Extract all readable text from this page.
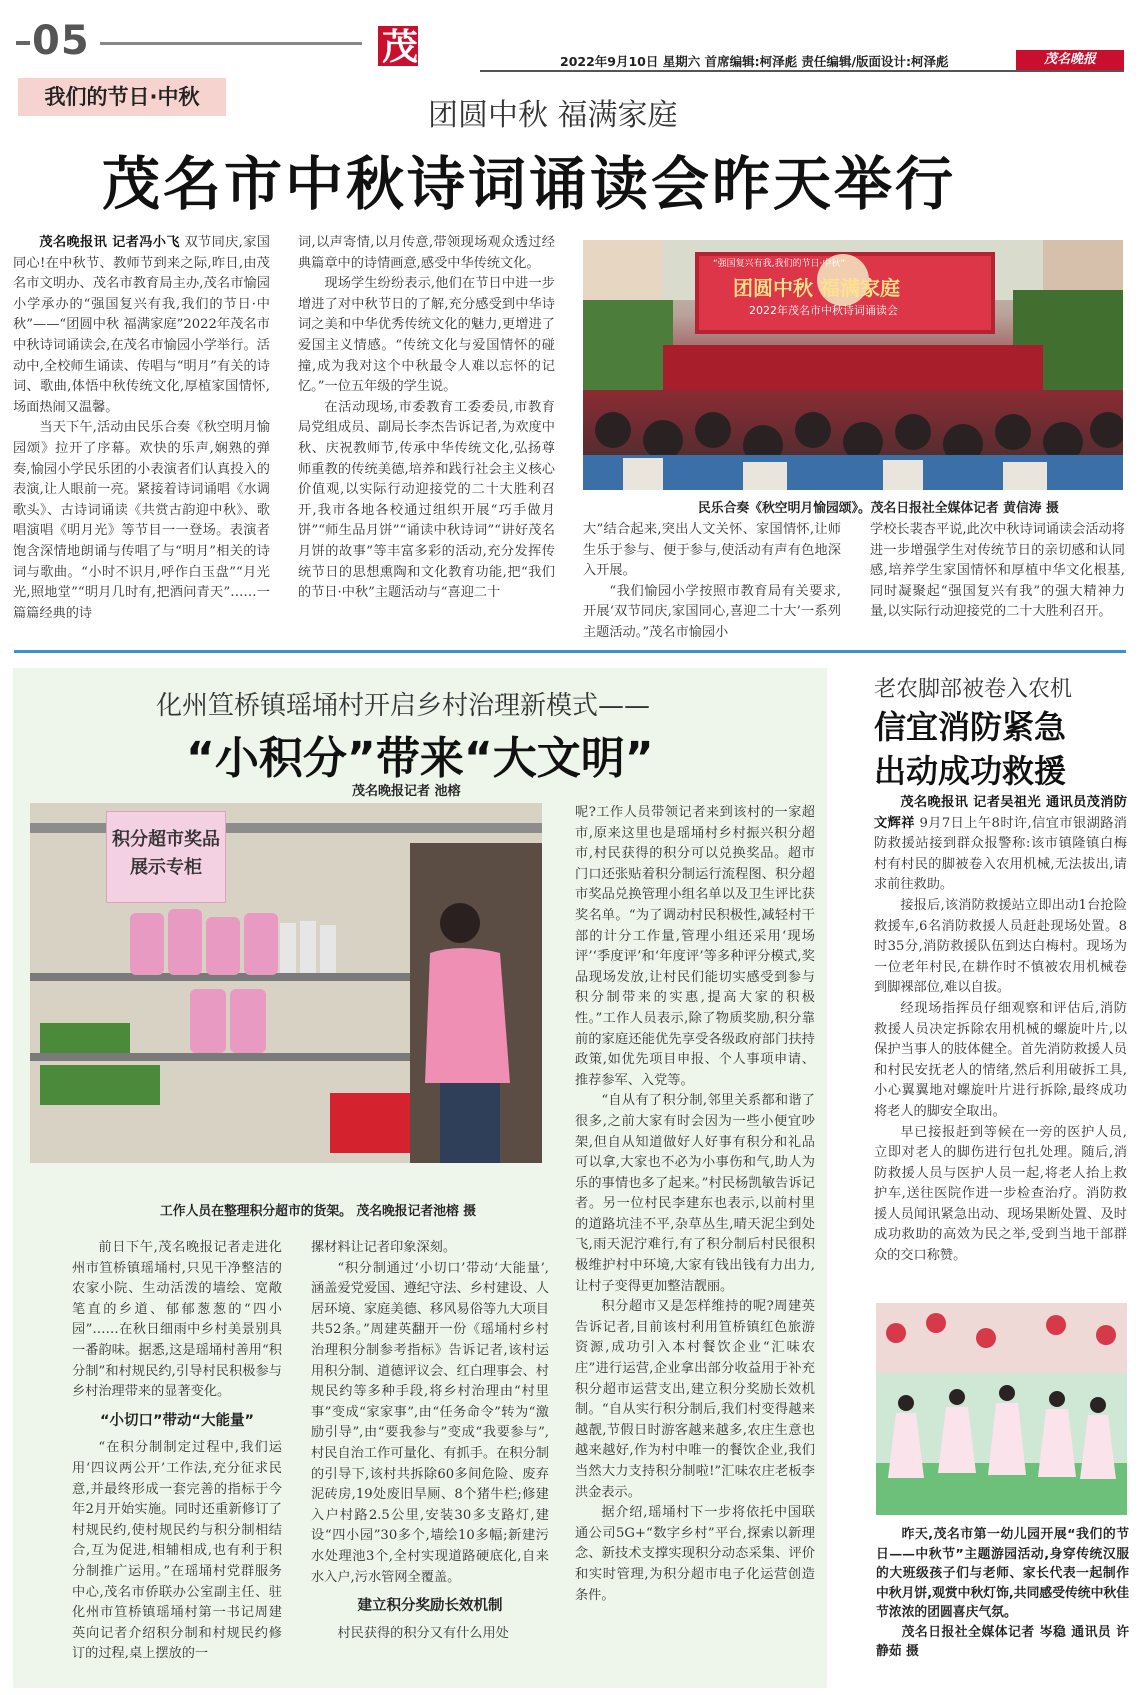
05	茂闻	2022年9月10日 星期六 首席编辑:柯泽彪 责任编辑/版面设计:柯泽彪	茂名晚报
我们的节日·中秋
团圆中秋 福满家庭
茂名市中秋诗词诵读会昨天举行

茂名晚报讯 记者冯小飞 双节同庆,家国同心!在中秋节、教师节到来之际,昨日,由茂名市文明办、茂名市教育局主办,茂名市愉园小学承办的“强国复兴有我,我们的节日·中秋”——“团圆中秋 福满家庭”2022年茂名市中秋诗词诵读会,在茂名市愉园小学举行。活动中,全校师生诵读、传唱与“明月”有关的诗词、歌曲,体悟中秋传统文化,厚植家国情怀,场面热闹又温馨。

当天下午,活动由民乐合奏《秋空明月愉园颂》拉开了序幕。欢快的乐声,娴熟的弹奏,愉园小学民乐团的小表演者们认真投入的表演,让人眼前一亮。紧接着诗词诵唱《水调歌头》、古诗词诵读《共赏古韵迎中秋》、歌唱演唱《明月光》等节目一一登场。表演者饱含深情地朗诵与传唱了与“明月”相关的诗词与歌曲。“小时不识月,呼作白玉盘”“月光光,照地堂”“明月几时有,把酒问青天”……一篇篇经典的诗

词,以声寄情,以月传意,带领现场观众透过经典篇章中的诗情画意,感受中华传统文化。

现场学生纷纷表示,他们在节日中进一步增进了对中秋节日的了解,充分感受到中华诗词之美和中华优秀传统文化的魅力,更增进了爱国主义情感。“传统文化与爱国情怀的碰撞,成为我对这个中秋最令人难以忘怀的记忆。”一位五年级的学生说。

在活动现场,市委教育工委委员,市教育局党组成员、副局长李杰告诉记者,为欢度中秋、庆祝教师节,传承中华传统文化,弘扬尊师重教的传统美德,培养和践行社会主义核心价值观,以实际行动迎接党的二十大胜利召开,我市各地各校通过组织开展“巧手做月饼”“师生品月饼”“诵读中秋诗词”“讲好茂名月饼的故事”等丰富多彩的活动,充分发挥传统节日的思想熏陶和文化教育功能,把“我们的节日·中秋”主题活动与“喜迎二十

“强国复兴有我,我们的节日·中秋”
团圆中秋 福满家庭
2022年茂名市中秋诗词诵读会
民乐合奏《秋空明月愉园颂》。茂名日报社全媒体记者 黄信涛 摄

大”结合起来,突出人文关怀、家国情怀,让师生乐于参与、便于参与,使活动有声有色地深入开展。

“我们愉园小学按照市教育局有关要求,开展‘双节同庆,家国同心,喜迎二十大’一系列主题活动。”茂名市愉园小

学校长裴杏平说,此次中秋诗词诵读会活动将进一步增强学生对传统节日的亲切感和认同感,培养学生家国情怀和厚植中华文化根基,同时凝聚起“强国复兴有我”的强大精神力量,以实际行动迎接党的二十大胜利召开。

化州笪桥镇瑶埇村开启乡村治理新模式——
“小积分”带来“大文明”
茂名晚报记者 池榕
积分超市奖品
展示专柜
工作人员在整理积分超市的货架。 茂名晚报记者池榕 摄

前日下午,茂名晚报记者走进化州市笪桥镇瑶埇村,只见干净整洁的农家小院、生动活泼的墙绘、宽敞笔直的乡道、郁郁葱葱的“四小园”……在秋日细雨中乡村美景别具一番韵味。据悉,这是瑶埇村善用“积分制”和村规民约,引导村民积极参与乡村治理带来的显著变化。

“小切口”带动“大能量”

“在积分制制定过程中,我们运用‘四议两公开’工作法,充分征求民意,并最终形成一套完善的指标于今年2月开始实施。同时还重新修订了村规民约,使村规民约与积分制相结合,互为促进,相辅相成,也有利于积分制推广运用。”在瑶埇村党群服务中心,茂名市侨联办公室副主任、驻化州市笪桥镇瑶埇村第一书记周建英向记者介绍积分制和村规民约修订的过程,桌上摆放的一

摞材料让记者印象深刻。

“积分制通过‘小切口’带动‘大能量’,涵盖爱党爱国、遵纪守法、乡村建设、人居环境、家庭美德、移风易俗等九大项目共52条。”周建英翻开一份《瑶埇村乡村治理积分制参考指标》告诉记者,该村运用积分制、道德评议会、红白理事会、村规民约等多种手段,将乡村治理由“村里事”变成“家家事”,由“任务命令”转为“激励引导”,由“要我参与”变成“我要参与”,村民自治工作可量化、有抓手。在积分制的引导下,该村共拆除60多间危险、废弃泥砖房,19处废旧旱厕、8个猪牛栏;修建入户村路2.5公里,安装30多支路灯,建设“四小园”30多个,墙绘10多幅;新建污水处理池3个,全村实现道路硬底化,自来水入户,污水管网全覆盖。

建立积分奖励长效机制

村民获得的积分又有什么用处

呢?工作人员带领记者来到该村的一家超市,原来这里也是瑶埇村乡村振兴积分超市,村民获得的积分可以兑换奖品。超市门口还张贴着积分制运行流程图、积分超市奖品兑换管理小组名单以及卫生评比获奖名单。“为了调动村民积极性,减轻村干部的计分工作量,管理小组还采用‘现场评’‘季度评’和‘年度评’等多种评分模式,奖品现场发放,让村民们能切实感受到参与积分制带来的实惠,提高大家的积极性。”工作人员表示,除了物质奖励,积分靠前的家庭还能优先享受各级政府部门扶持政策,如优先项目申报、个人事项申请、推荐参军、入党等。

“自从有了积分制,邻里关系都和谐了很多,之前大家有时会因为一些小便宜吵架,但自从知道做好人好事有积分和礼品可以拿,大家也不必为小事伤和气,助人为乐的事情也多了起来。”村民杨凯敏告诉记者。另一位村民李建东也表示,以前村里的道路坑洼不平,杂草丛生,晴天泥尘到处飞,雨天泥泞难行,有了积分制后村民很积极维护村中环境,大家有钱出钱有力出力,让村子变得更加整洁靓丽。

积分超市又是怎样维持的呢?周建英告诉记者,目前该村利用笪桥镇红色旅游资源,成功引入本村餐饮企业“汇味农庄”进行运营,企业拿出部分收益用于补充积分超市运营支出,建立积分奖励长效机制。“自从实行积分制后,我们村变得越来越靓,节假日时游客越来越多,农庄生意也越来越好,作为村中唯一的餐饮企业,我们当然大力支持积分制啦!”汇味农庄老板李洪金表示。

据介绍,瑶埇村下一步将依托中国联通公司5G+“数字乡村”平台,探索以新理念、新技术支撑实现积分动态采集、评价和实时管理,为积分超市电子化运营创造条件。

老农脚部被卷入农机
信宜消防紧急
出动成功救援

茂名晚报讯 记者吴祖光 通讯员茂消防 文辉祥 9月7日上午8时许,信宜市银湖路消防救援站接到群众报警称:该市镇隆镇白梅村有村民的脚被卷入农用机械,无法拔出,请求前往救助。

接报后,该消防救援站立即出动1台抢险救援车,6名消防救援人员赶赴现场处置。8时35分,消防救援队伍到达白梅村。现场为一位老年村民,在耕作时不慎被农用机械卷到脚裸部位,难以自拔。

经现场指挥员仔细观察和评估后,消防救援人员决定拆除农用机械的螺旋叶片,以保护当事人的肢体健全。首先消防救援人员和村民安抚老人的情绪,然后利用破拆工具,小心翼翼地对螺旋叶片进行拆除,最终成功将老人的脚安全取出。

早已接报赶到等候在一旁的医护人员,立即对老人的脚伤进行包扎处理。随后,消防救援人员与医护人员一起,将老人抬上救护车,送往医院作进一步检查治疗。消防救援人员闻讯紧急出动、现场果断处置、及时成功救助的高效为民之举,受到当地干部群众的交口称赞。

昨天,茂名市第一幼儿园开展“我们的节日——中秋节”主题游园活动,身穿传统汉服的大班级孩子们与老师、家长代表一起制作中秋月饼,观赏中秋灯饰,共同感受传统中秋佳节浓浓的团圆喜庆气氛。

茂名日报社全媒体记者 岑稳 通讯员 许静茹 摄
